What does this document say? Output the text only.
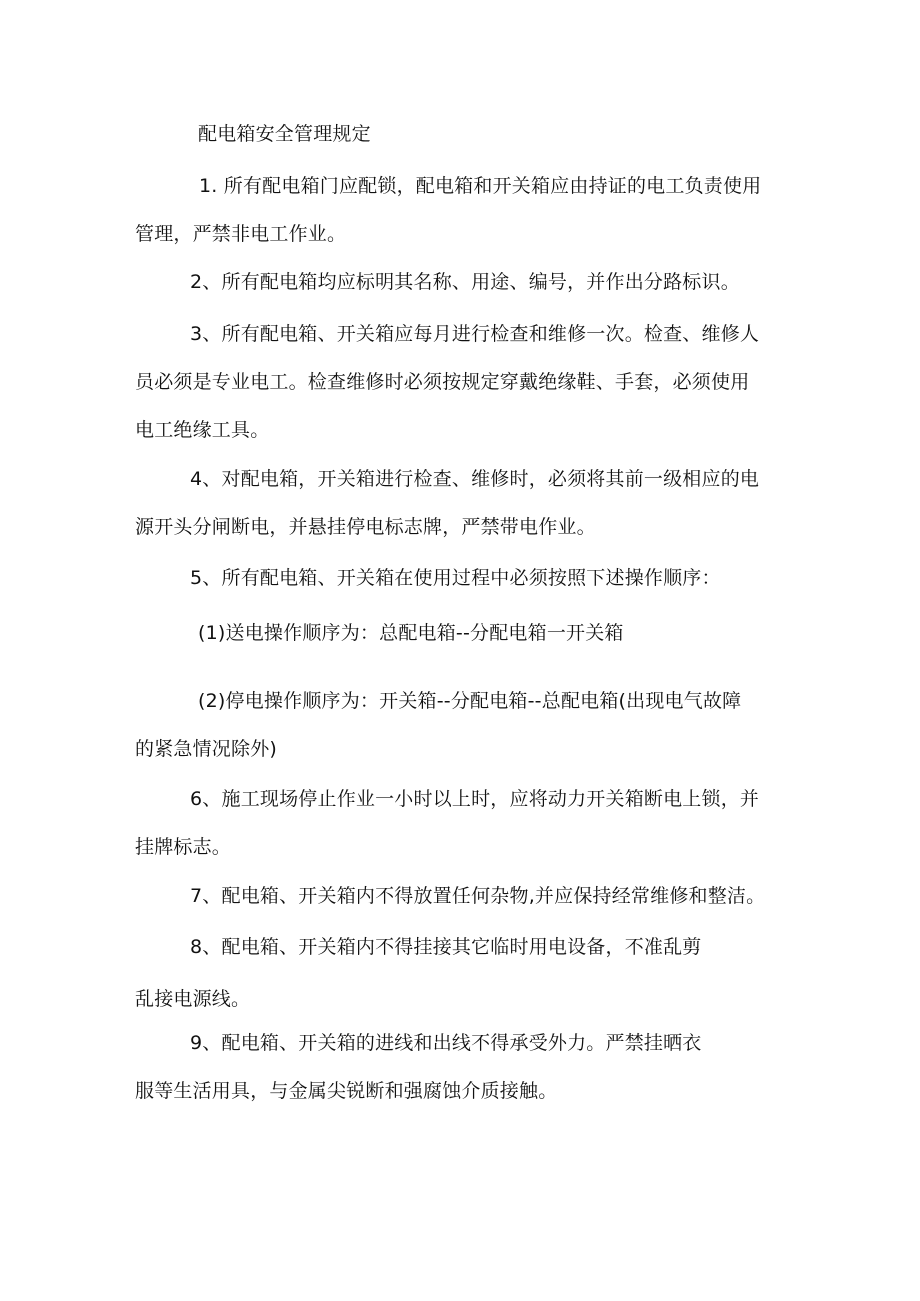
配电箱安全管理规定
1. 所有配电箱门应配锁，配电箱和开关箱应由持证的电工负责使用
管理，严禁非电工作业。
2、所有配电箱均应标明其名称、用途、编号，并作出分路标识。
3、所有配电箱、开关箱应每月进行检查和维修一次。检查、维修人
员必须是专业电工。检查维修时必须按规定穿戴绝缘鞋、手套，必须使用
电工绝缘工具。
4、对配电箱，开关箱进行检查、维修时，必须将其前一级相应的电
源开头分闸断电，并悬挂停电标志牌，严禁带电作业。
5、所有配电箱、开关箱在使用过程中必须按照下述操作顺序：
(1)送电操作顺序为：总配电箱--分配电箱一开关箱
(2)停电操作顺序为：开关箱--分配电箱--总配电箱(出现电气故障
的紧急情况除外)
6、施工现场停止作业一小时以上时，应将动力开关箱断电上锁，并
挂牌标志。
7、配电箱、开关箱内不得放置任何杂物,并应保持经常维修和整洁。
8、配电箱、开关箱内不得挂接其它临时用电设备，不准乱剪
乱接电源线。
9、配电箱、开关箱的进线和出线不得承受外力。严禁挂晒衣
服等生活用具，与金属尖锐断和强腐蚀介质接触。
